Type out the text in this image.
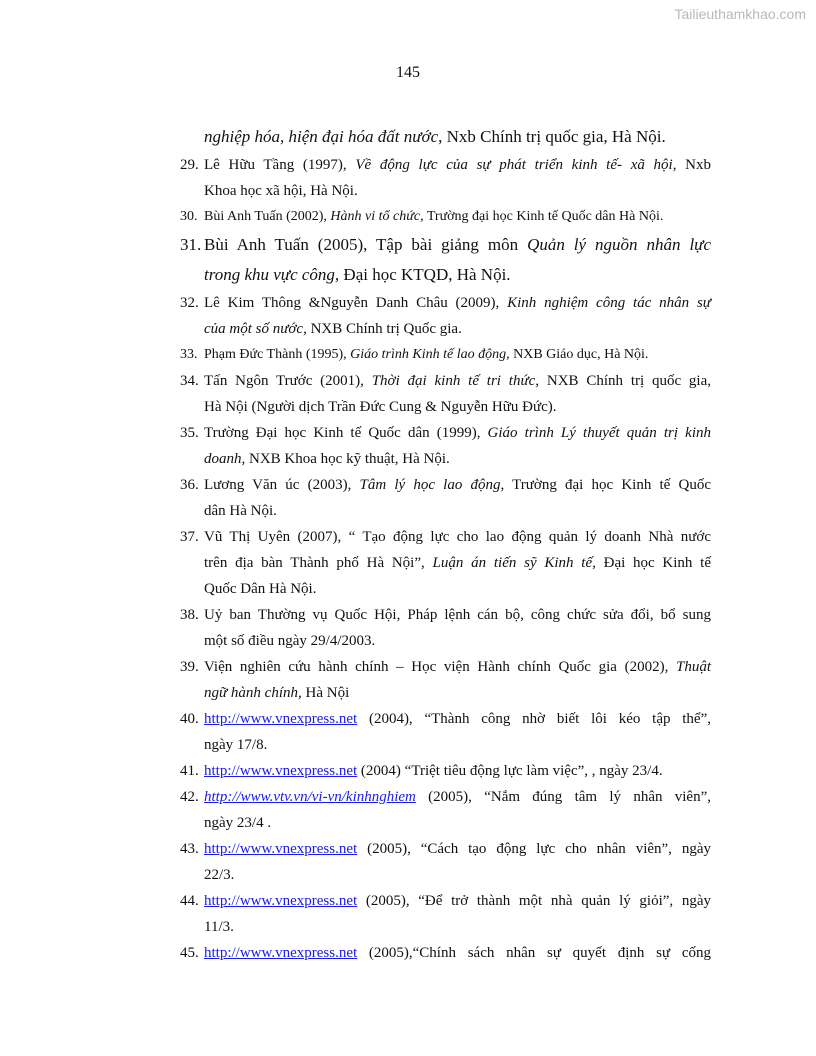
Tailieuthamkhao.com
145
nghiệp hóa, hiện đại hóa đất nước, Nxb Chính trị quốc gia, Hà Nội.
29. Lê Hữu Tầng (1997), Về động lực của sự phát triển kinh tế- xã hội, Nxb
Khoa học xã hội, Hà Nội.
30. Bùi Anh Tuấn (2002), Hành vi tổ chức, Trường đại học Kinh tế Quốc dân Hà Nội.
31. Bùi Anh Tuấn (2005), Tập bài giảng môn Quản lý nguồn nhân lực
trong khu vực công, Đại học KTQD, Hà Nội.
32. Lê Kim Thông &Nguyễn Danh Châu (2009), Kinh nghiệm công tác nhân sự
của một số nước, NXB Chính trị Quốc gia.
33. Phạm Đức Thành (1995), Giáo trình Kinh tế lao động, NXB Giáo dục, Hà Nội.
34. Tấn Ngôn Trước (2001), Thời đại kinh tế tri thức, NXB Chính trị quốc gia,
Hà Nội (Người dịch Trần Đức Cung & Nguyễn Hữu Đức).
35. Trường Đại học Kinh tế Quốc dân (1999), Giáo trình Lý thuyết quản trị kinh
doanh, NXB Khoa học kỹ thuật, Hà Nội.
36. Lương Văn úc (2003), Tâm lý học lao động, Trường đại học Kinh tế Quốc
dân Hà Nội.
37. Vũ Thị Uyên (2007), “ Tạo động lực cho lao động quản lý doanh Nhà nước
trên địa bàn Thành phố Hà Nội”, Luận án tiến sỹ Kinh tế, Đại học Kinh tế
Quốc Dân Hà Nội.
38. Uỷ ban Thường vụ Quốc Hội, Pháp lệnh cán bộ, công chức sửa đổi, bổ sung
một số điều ngày 29/4/2003.
39. Viện nghiên cứu hành chính – Học viện Hành chính Quốc gia (2002), Thuật
ngữ hành chính, Hà Nội
40. http://www.vnexpress.net (2004), “Thành công nhờ biết lôi kéo tập thể”,
ngày 17/8.
41. http://www.vnexpress.net (2004) “Triệt tiêu động lực làm việc”, , ngày 23/4.
42. http://www.vtv.vn/vi-vn/kinhnghiem (2005), “Nắm đúng tâm lý nhân viên”,
ngày 23/4 .
43. http://www.vnexpress.net (2005), “Cách tạo động lực cho nhân viên”, ngày
22/3.
44. http://www.vnexpress.net (2005), “Để trở thành một nhà quản lý giỏi”, ngày
11/3.
45. http://www.vnexpress.net (2005),“Chính sách nhân sự quyết định sự cống
